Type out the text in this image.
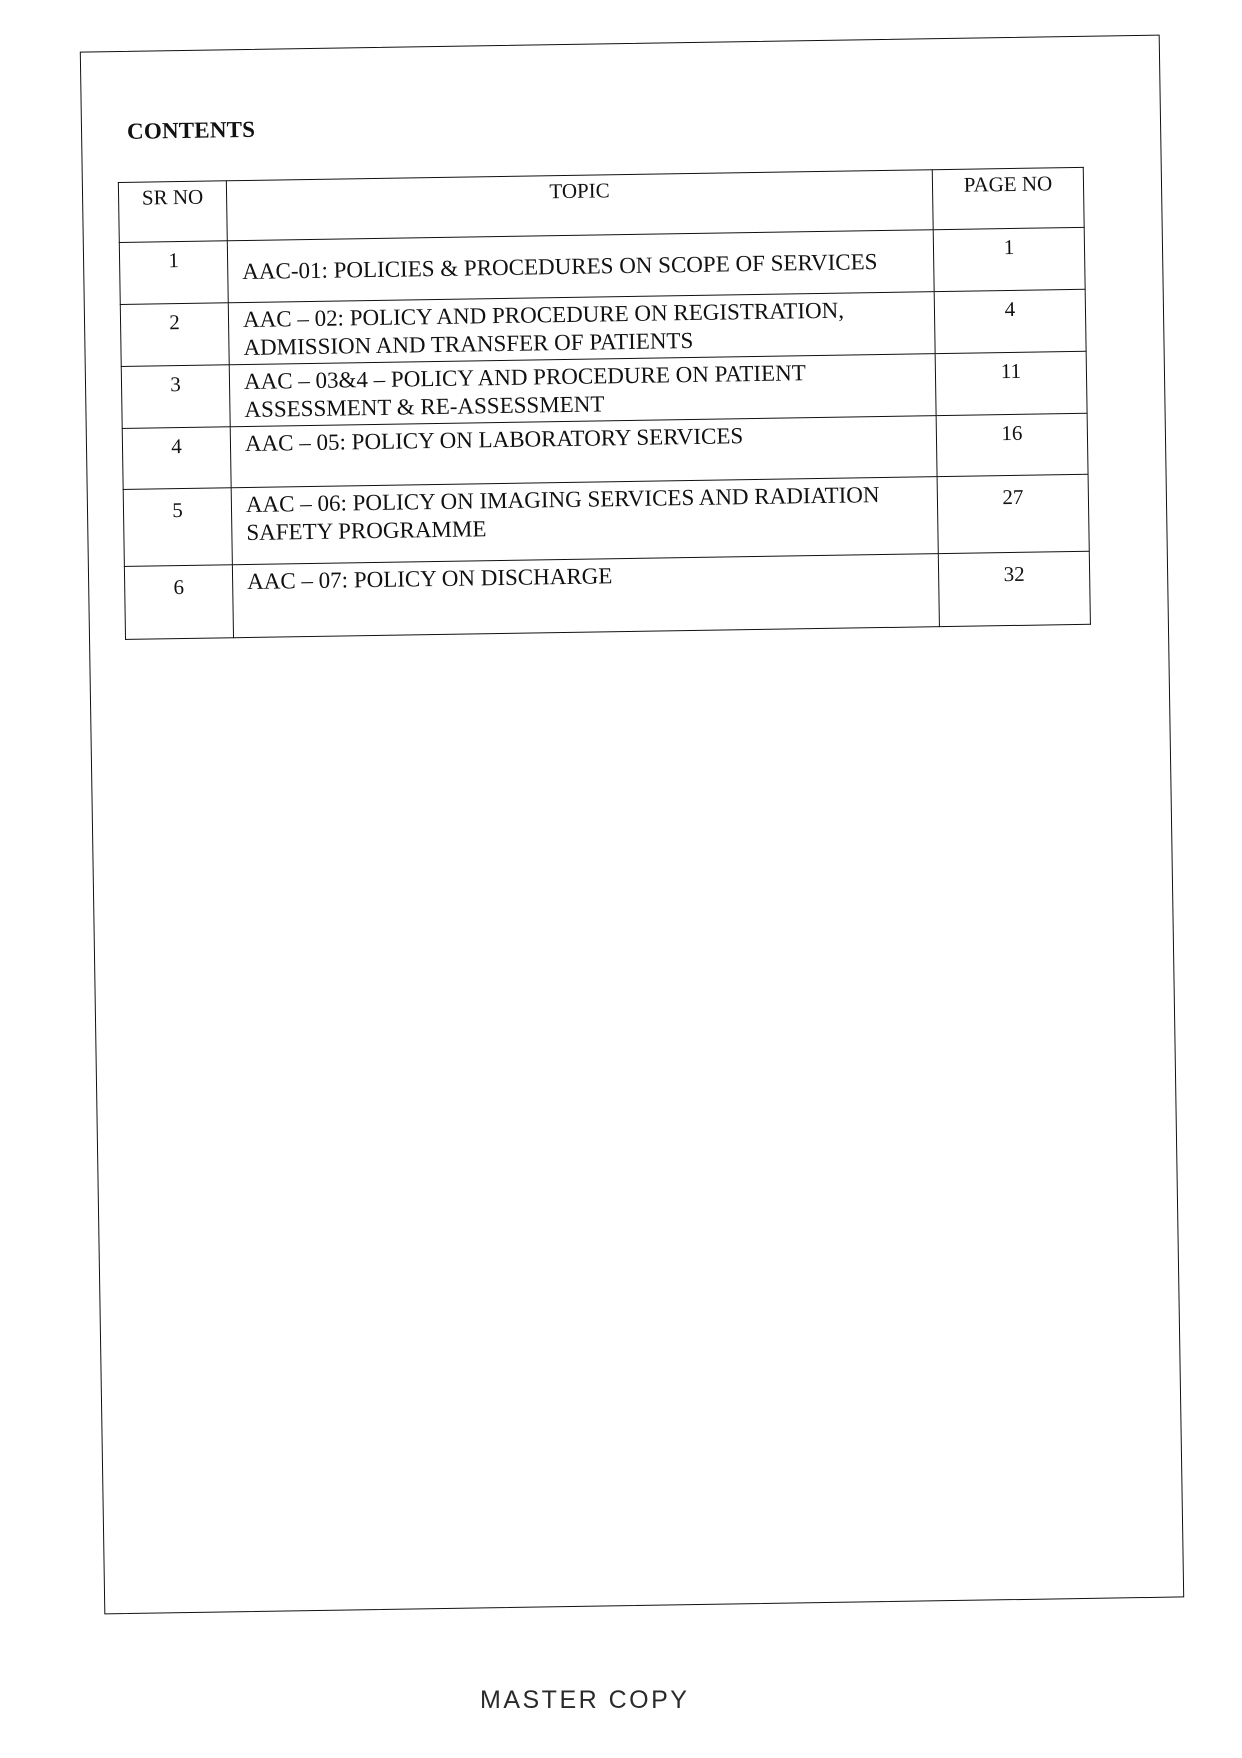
CONTENTS
SR NO	TOPIC	PAGE NO
1	AAC-01: POLICIES & PROCEDURES ON SCOPE OF SERVICES	1
2	AAC – 02: POLICY AND PROCEDURE ON REGISTRATION,
ADMISSION AND TRANSFER OF PATIENTS	4
3	AAC – 03&4 – POLICY AND PROCEDURE ON PATIENT
ASSESSMENT & RE-ASSESSMENT	11
4	AAC – 05: POLICY ON LABORATORY SERVICES	16
5	AAC – 06: POLICY ON IMAGING SERVICES AND RADIATION
SAFETY PROGRAMME	27
6	AAC – 07: POLICY ON DISCHARGE	32
MASTER COPY
